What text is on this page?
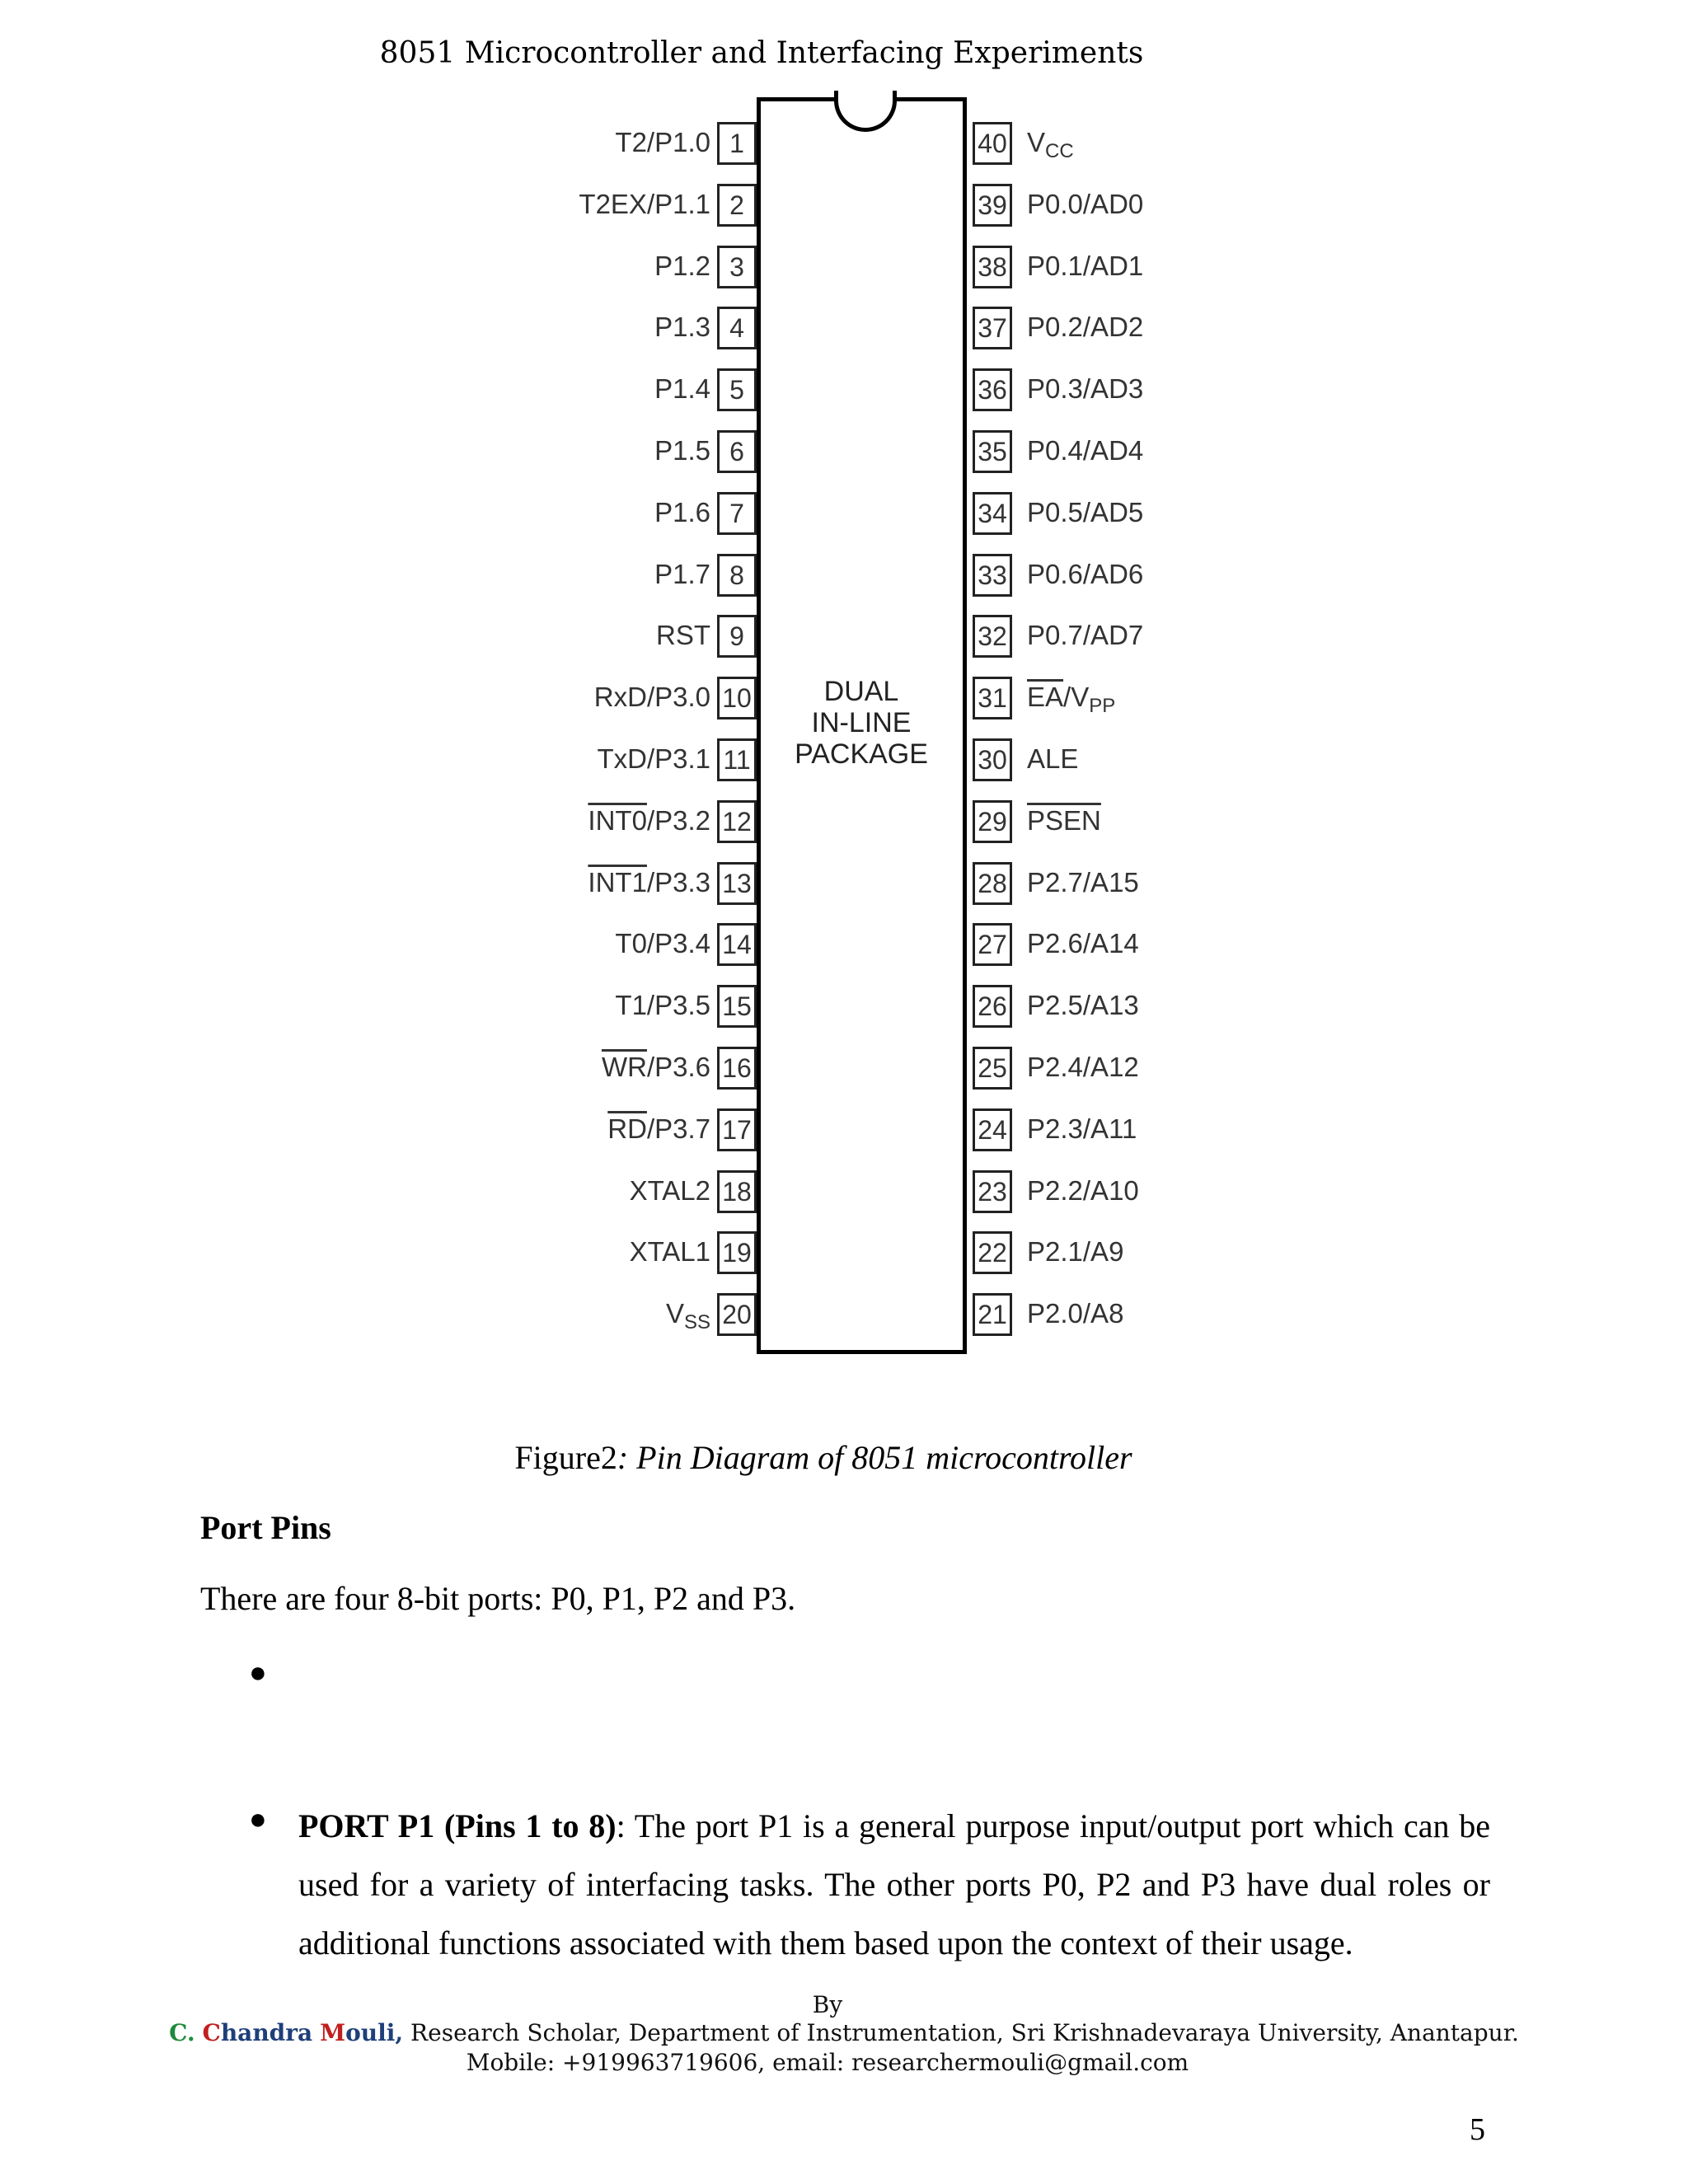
8051 Microcontroller and Interfacing Experiments
DUAL
IN-LINE
PACKAGE
1
T2/P1.0
2
T2EX/P1.1
3
P1.2
4
P1.3
5
P1.4
6
P1.5
7
P1.6
8
P1.7
9
RST
10
RxD/P3.0
11
TxD/P3.1
12
INT0/P3.2
13
INT1/P3.3
14
T0/P3.4
15
T1/P3.5
16
$\overline{WR}/P3.6$
17
$\overline{RD}/P3.7$
18
XTAL2
19
XTAL1
20
$V_{SS}$
40 $V_{CC}$
39 P0.0/AD0
38 P0.1/AD1
37 P0.2/AD2
36 P0.3/AD3
35 P0.4/AD4
34 P0.5/AD5
33 P0.6/AD6
32 P0.7/AD7
31 $\overline{EA}/V_{PP}$
30 ALE
29 PSEN
28 P2.7/A15
27 P2.6/A14
26 P2.5/A13
25 P2.4/A12
24 P2.3/A11
23 P2.2/A10
22 P2.1/A9
21 P2.0/A8
Figure2: Pin Diagram of 8051 microcontroller
Port Pins
There are four 8-bit ports: P0, P1, P2 and P3.
●
● PORT P1 (Pins 1 to 8): The port P1 is a general purpose input/output port which can be used for a variety of interfacing tasks. The other ports P0, P2 and P3 have dual roles or additional functions associated with them based upon the context of their usage.
By
C. Chandra Mouli, Research Scholar, Department of Instrumentation, Sri Krishnadevaraya University, Anantapur.
Mobile: +919963719606, email: researchermouli@gmail.com
5
